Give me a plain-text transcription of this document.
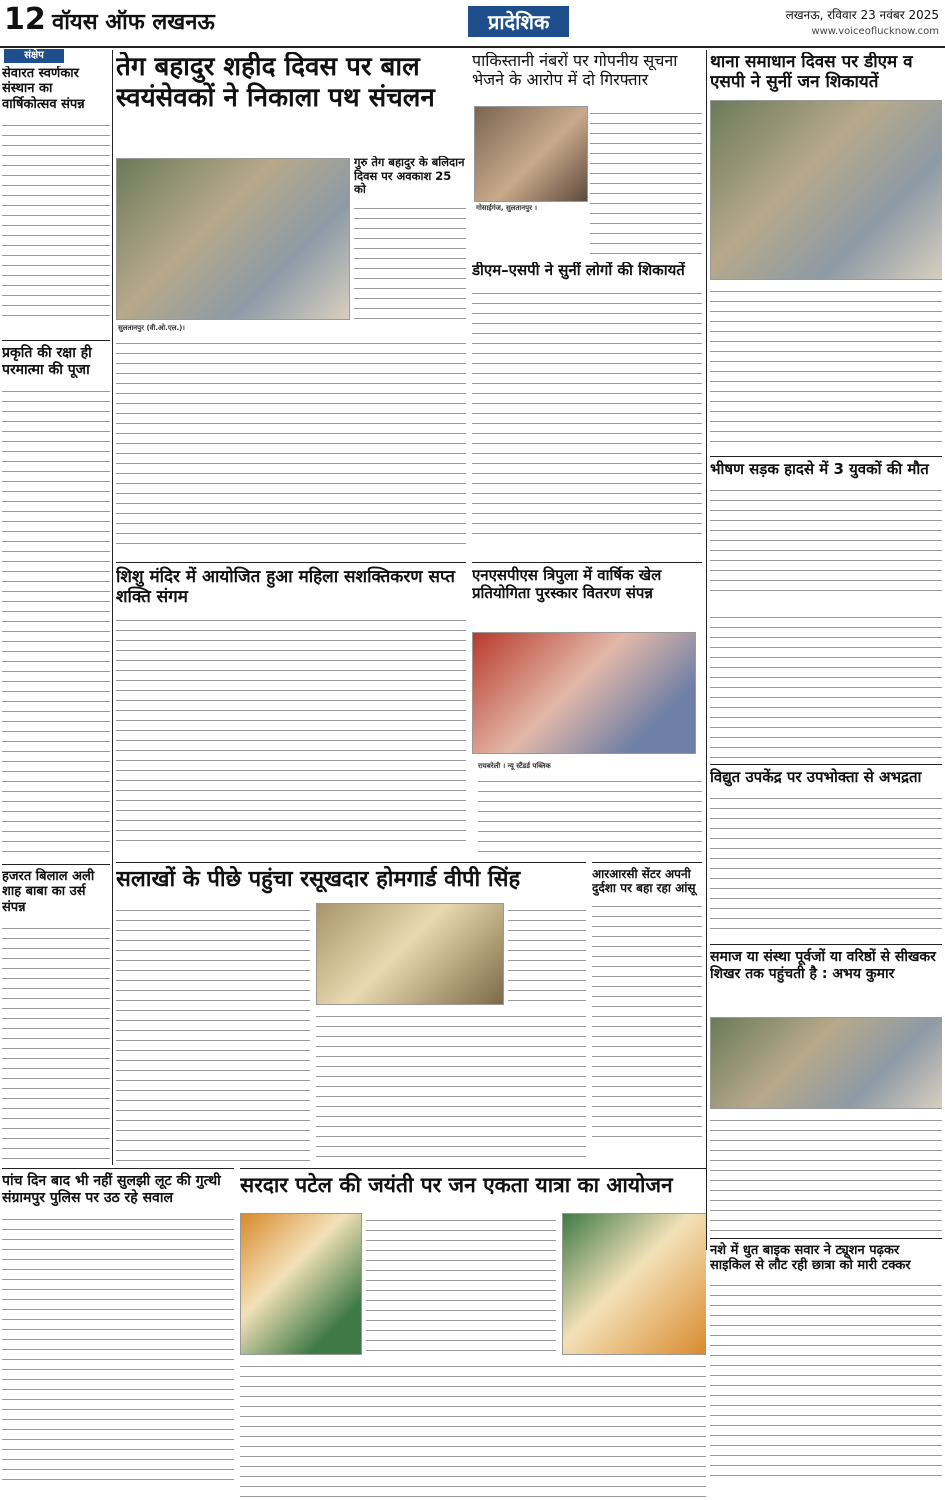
12 वॉयस ऑफ लखनऊ	प्रादेशिक	लखनऊ, रविवार 23 नवंबर 2025
www.voiceoflucknow.com
संक्षेप
सेवारत स्वर्णकार संस्थान का वार्षिकोत्सव संपन्न
प्रकृति की रक्षा ही परमात्मा की पूजा
हजरत बिलाल अली शाह बाबा का उर्स संपन्न
तेग बहादुर शहीद दिवस पर बाल स्वयंसेवकों ने निकाला पथ संचलन
गुरु तेग बहादुर के बलिदान दिवस पर अवकाश 25 को
सुलतानपुर (वी.ओ.एल.)।
पाकिस्तानी नंबरों पर गोपनीय सूचना भेजने के आरोप में दो गिरफ्तार
गोसाईगंज, सुलतानपुर ।
डीएम–एसपी ने सुनीं लोगों की शिकायतें
थाना समाधान दिवस पर डीएम व एसपी ने सुनीं जन शिकायतें
भीषण सड़क हादसे में 3 युवकों की मौत
शिशु मंदिर में आयोजित हुआ महिला सशक्तिकरण सप्त शक्ति संगम
एनएसपीएस त्रिपुला में वार्षिक खेल प्रतियोगिता पुरस्कार वितरण संपन्न
रायबरेली । न्यू स्टैंडर्ड पब्लिक
विद्युत उपकेंद्र पर उपभोक्ता से अभद्रता
सलाखों के पीछे पहुंचा रसूखदार होमगार्ड वीपी सिंह	आरआरसी सेंटर अपनी दुर्दशा पर बहा रहा आंसू
समाज या संस्था पूर्वजों या वरिष्ठों से सीखकर शिखर तक पहुंचती है : अभय कुमार
पांच दिन बाद भी नहीं सुलझी लूट की गुत्थी संग्रामपुर पुलिस पर उठ रहे सवाल
सरदार पटेल की जयंती पर जन एकता यात्रा का आयोजन
नशे में धुत बाइक सवार ने ट्यूशन पढ़कर साइकिल से लौट रही छात्रा को मारी टक्कर
